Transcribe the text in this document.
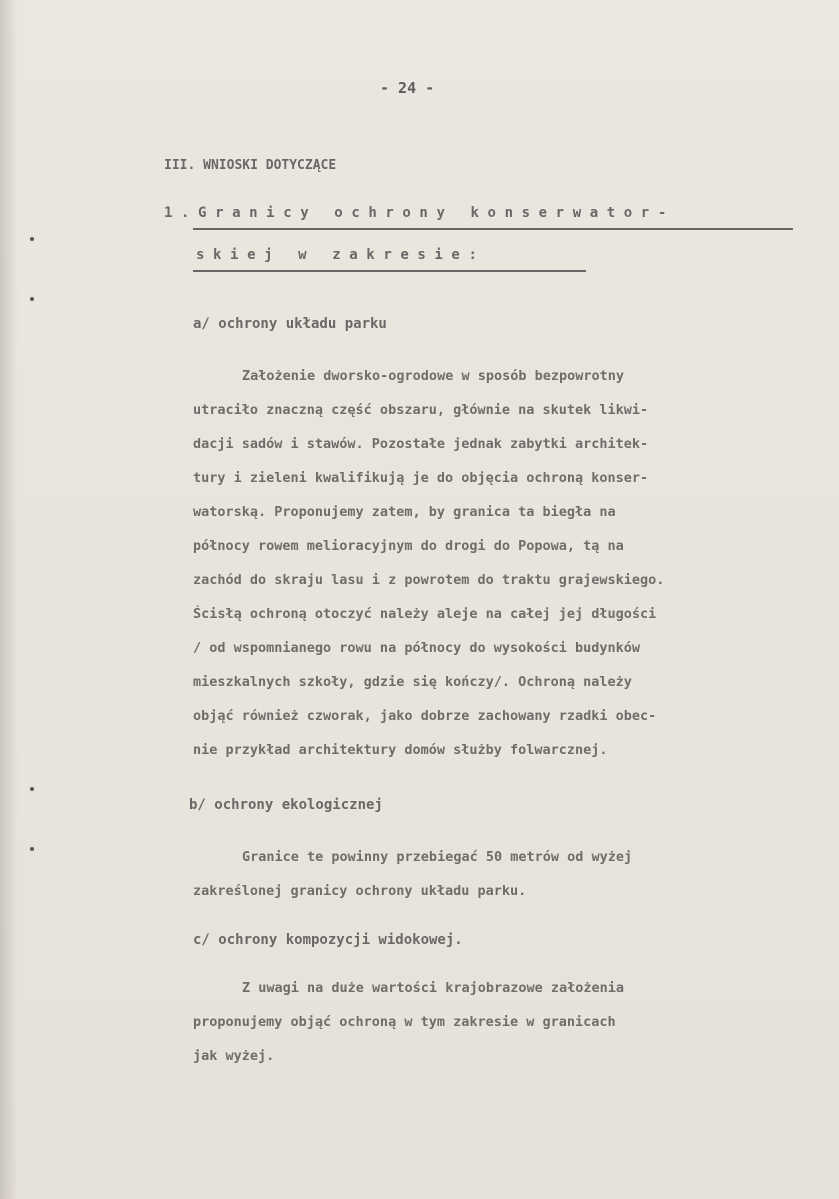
- 24 -
III. WNIOSKI DOTYCZĄCE
1.Granicy ochrony konserwator-
skiej w zakresie:
a/ ochrony układu parku
Założenie dworsko-ogrodowe w sposób bezpowrotny
utraciło znaczną część obszaru, głównie na skutek likwi-
dacji sadów i stawów. Pozostałe jednak zabytki architek-
tury i zieleni kwalifikują je do objęcia ochroną konser-
watorską. Proponujemy zatem, by granica ta biegła na
północy rowem melioracyjnym do drogi do Popowa, tą na
zachód do skraju lasu i z powrotem do traktu grajewskiego.
Ścisłą ochroną otoczyć należy aleje na całej jej długości
/ od wspomnianego rowu na północy do wysokości budynków
mieszkalnych szkoły, gdzie się kończy/. Ochroną należy
objąć również czworak, jako dobrze zachowany rzadki obec-
nie przykład architektury domów służby folwarcznej.
b/ ochrony ekologicznej
Granice te powinny przebiegać 50 metrów od wyżej
zakreślonej granicy ochrony układu parku.
c/ ochrony kompozycji widokowej.
Z uwagi na duże wartości krajobrazowe założenia
proponujemy objąć ochroną w tym zakresie w granicach
jak wyżej.
